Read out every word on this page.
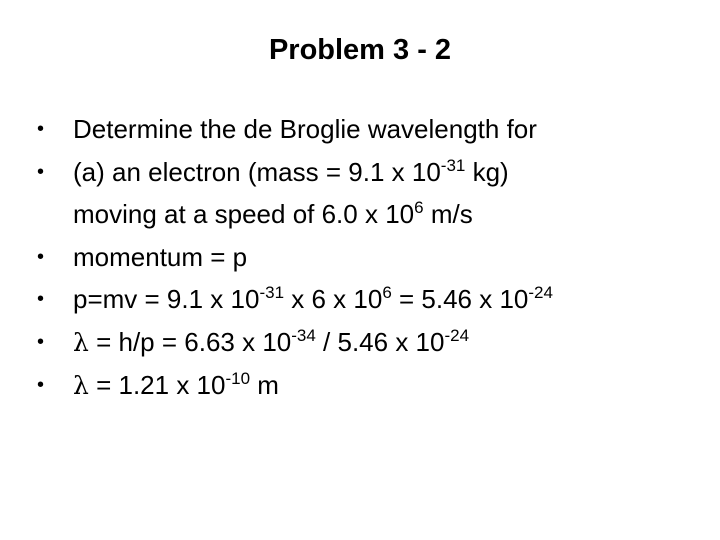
Problem 3 - 2
•	Determine the de Broglie wavelength for
•	(a) an electron (mass = 9.1 x $10^{-31}$ kg)
moving at a speed of 6.0 x $10^6$ m/s
•	momentum = p
•	p=mv = 9.1 x $10^{-31}$ x 6 x $10^6 = 5.46$ x $10^{-24}$
•	λ = h/p = 6.63 x $10^{-34} / 5.46$ x $10^{-24}$
•	λ = 1.21 x $10^{-10}$ m
